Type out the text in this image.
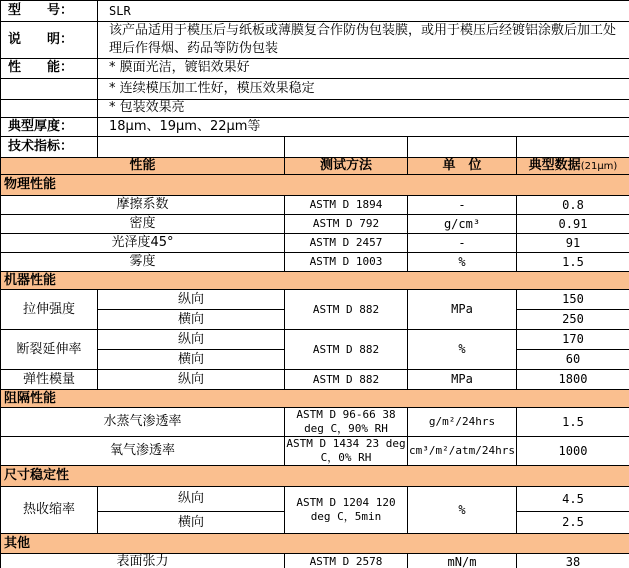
型　　号：	SLR			
说　　明：	该产品适用于模压后与纸板或薄膜复合作防伪包装膜，或用于模压后经镀铝涂敷后加工处理后作得烟、药品等防伪包装			
性　　能：	* 膜面光洁，镀铝效果好			
	* 连续模压加工性好，模压效果稳定			
	* 包装效果亮			
典型厚度：	18μm、19μm、22μm等			
技术指标：				
性能		测试方法	单　位	典型数据(21μm)
物理性能				
摩擦系数		ASTM D 1894	-	0.8
密度		ASTM D 792	g/cm³	0.91
光泽度45°		ASTM D 2457	-	91
雾度		ASTM D 1003	%	1.5
机器性能				
拉伸强度	纵向	ASTM D 882	MPa	150
	横向			250
断裂延伸率	纵向	ASTM D 882	%	170
	横向			60
弹性模量	纵向	ASTM D 882	MPa	1800
阻隔性能				
水蒸气渗透率		ASTM D 96-66 38 deg C，90% RH	g/m²/24hrs	1.5
氧气渗透率		ASTM D 1434 23 deg C，0% RH	cm³/m²/atm/24hrs	1000
尺寸稳定性				
热收缩率	纵向	ASTM D 1204 120 deg C，5min	%	4.5
	横向			2.5
其他				
表面张力		ASTM D 2578	mN/m	38
